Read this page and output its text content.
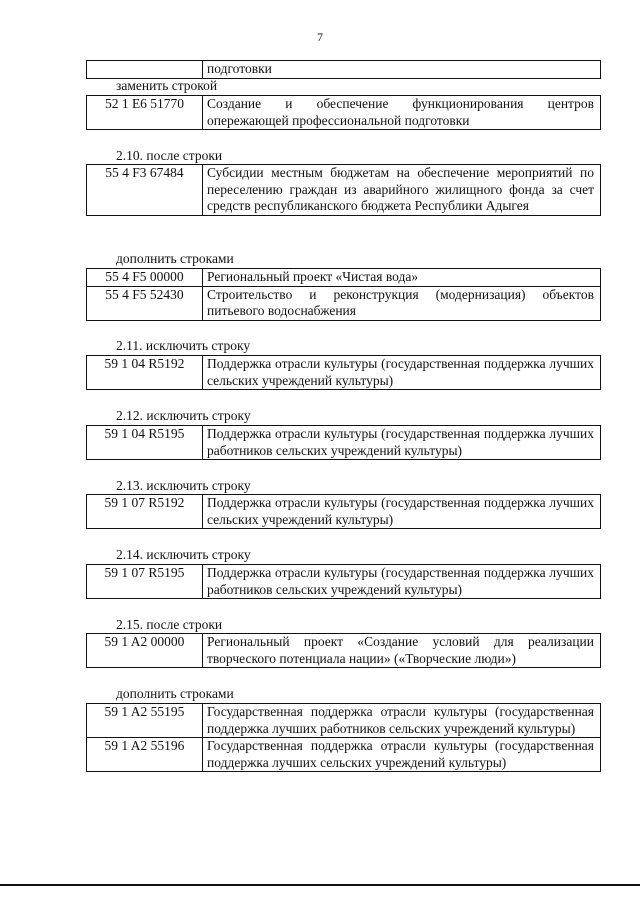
7
	подготовки
заменить строкой
52 1 E6 51770	Создание и обеспечение функционирования центров опережающей профессиональной подготовки
2.10. после строки
55 4 F3 67484	Субсидии местным бюджетам на обеспечение мероприятий по переселению граждан из аварийного жилищного фонда за счет средств республиканского бюджета Республики Адыгея
дополнить строками
55 4 F5 00000	Региональный проект «Чистая вода»
55 4 F5 52430	Строительство и реконструкция (модернизация) объектов питьевого водоснабжения
2.11. исключить строку
59 1 04 R5192	Поддержка отрасли культуры (государственная поддержка лучших сельских учреждений культуры)
2.12. исключить строку
59 1 04 R5195	Поддержка отрасли культуры (государственная поддержка лучших работников сельских учреждений культуры)
2.13. исключить строку
59 1 07 R5192	Поддержка отрасли культуры (государственная поддержка лучших сельских учреждений культуры)
2.14. исключить строку
59 1 07 R5195	Поддержка отрасли культуры (государственная поддержка лучших работников сельских учреждений культуры)
2.15. после строки
59 1 A2 00000	Региональный проект «Создание условий для реализации творческого потенциала нации» («Творческие люди»)
дополнить строками
59 1 A2 55195	Государственная поддержка отрасли культуры (государственная поддержка лучших работников сельских учреждений культуры)
59 1 A2 55196	Государственная поддержка отрасли культуры (государственная поддержка лучших сельских учреждений культуры)
